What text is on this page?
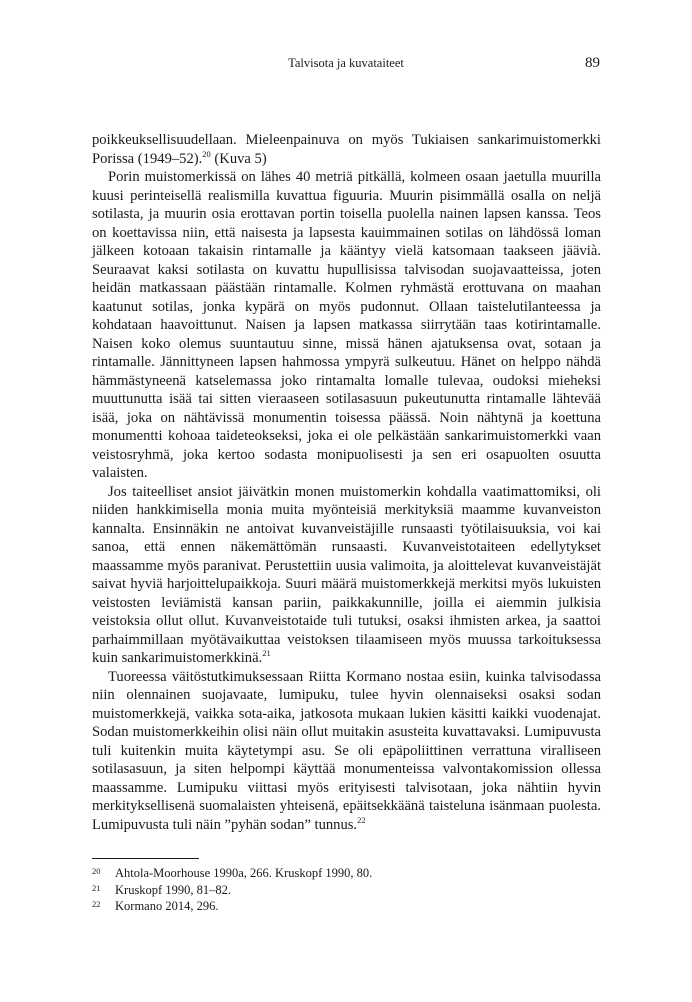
Talvisota ja kuvataiteet	89

poikkeuksellisuudellaan. Mieleenpainuva on myös Tukiaisen sankarimuistomerkki Porissa (1949–52).$^{20}$ (Kuva 5)

Porin muistomerkissä on lähes 40 metriä pitkällä, kolmeen osaan jaetulla muurilla kuusi perinteisellä realismilla kuvattua figuuria. Muurin pisimmällä osalla on neljä sotilasta, ja muurin osia erottavan portin toisella puolella nainen lapsen kanssa. Teos on koettavissa niin, että naisesta ja lapsesta kauimmainen sotilas on lähdössä loman jälkeen kotoaan takaisin rintamalle ja kääntyy vielä katsomaan taakseen jäävià. Seuraavat kaksi sotilasta on kuvattu hupullisissa talvisodan suojavaatteissa, joten heidän matkassaan päästään rintamalle. Kolmen ryhmästä erottuvana on maahan kaatunut sotilas, jonka kypärä on myös pudonnut. Ollaan taistelutilanteessa ja kohdataan haavoittunut. Naisen ja lapsen matkassa siirrytään taas kotirintamalle. Naisen koko olemus suuntautuu sinne, missä hänen ajatuksensa ovat, sotaan ja rintamalle. Jännittyneen lapsen hahmossa ympyrä sulkeutuu. Hänet on helppo nähdä hämmästyneenä katselemassa joko rintamalta lomalle tulevaa, oudoksi mieheksi muuttunutta isää tai sitten vieraaseen sotilasasuun pukeutunutta rintamalle lähtevää isää, joka on nähtävissä monumentin toisessa päässä. Noin nähtynä ja koettuna monumentti kohoaa taideteokseksi, joka ei ole pelkästään sankarimuistomerkki vaan veistosryhmä, joka kertoo sodasta monipuolisesti ja sen eri osapuolten osuutta valaisten.

Jos taiteelliset ansiot jäivätkin monen muistomerkin kohdalla vaatimattomiksi, oli niiden hankkimisella monia muita myönteisiä merkityksiä maamme kuvanveiston kannalta. Ensinnäkin ne antoivat kuvanveistäjille runsaasti työtilaisuuksia, voi kai sanoa, että ennen näkemättömän runsaasti. Kuvanveistotaiteen edellytykset maassamme myös paranivat. Perustettiin uusia valimoita, ja aloittelevat kuvanveistäjät saivat hyviä harjoittelupaikkoja. Suuri määrä muistomerkkejä merkitsi myös lukuisten veistosten leviämistä kansan pariin, paikkakunnille, joilla ei aiemmin julkisia veistoksia ollut ollut. Kuvanveistotaide tuli tutuksi, osaksi ihmisten arkea, ja saattoi parhaimmillaan myötävaikuttaa veistoksen tilaamiseen myös muussa tarkoituksessa kuin sankarimuistomerkkinä.$^{21}$

Tuoreessa väitöstutkimuksessaan Riitta Kormano nostaa esiin, kuinka talvisodassa niin olennainen suojavaate, lumipuku, tulee hyvin olennaiseksi osaksi sodan muistomerkkejä, vaikka sota-aika, jatkosota mukaan lukien käsitti kaikki vuodenajat. Sodan muistomerkkeihin olisi näin ollut muitakin asusteita kuvattavaksi. Lumipuvusta tuli kuitenkin muita käytetympi asu. Se oli epäpoliittinen verrattuna viralliseen sotilasasuun, ja siten helpompi käyttää monumenteissa valvontakomission ollessa maassamme. Lumipuku viittasi myös erityisesti talvisotaan, joka nähtiin hyvin merkityksellisenä suomalaisten yhteisenä, epäitsekkäänä taisteluna isänmaan puolesta. Lumipuvusta tuli näin ”pyhän sodan” tunnus.$^{22}$

20	Ahtola-Moorhouse 1990a, 266. Kruskopf 1990, 80.
21	Kruskopf 1990, 81–82.
22	Kormano 2014, 296.
